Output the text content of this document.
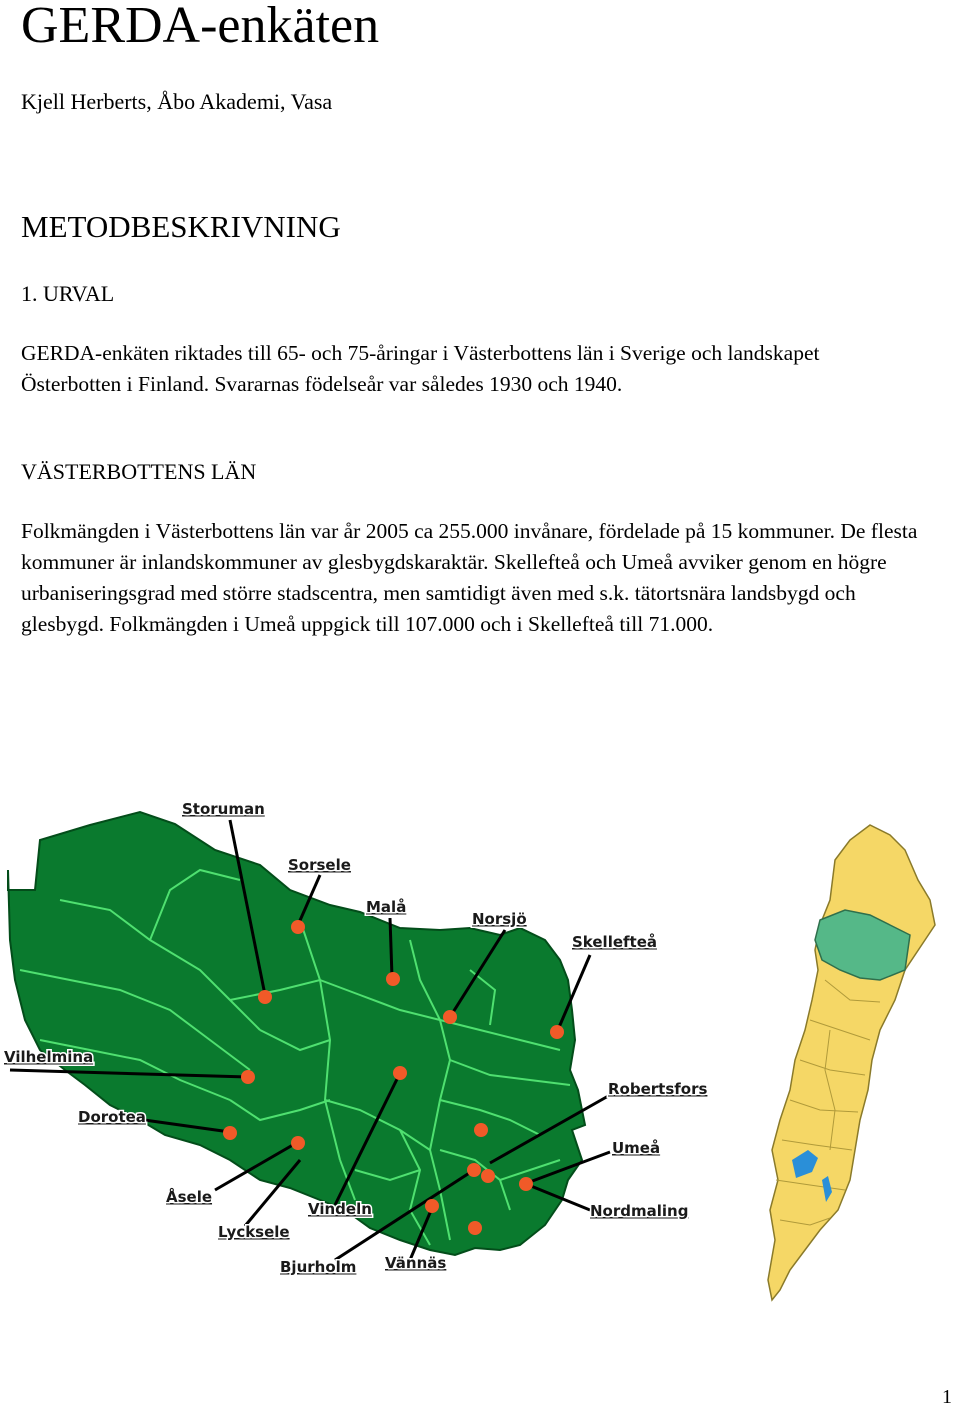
GERDA-enkäten
Kjell Herberts, Åbo Akademi, Vasa
METODBESKRIVNING
1. URVAL
GERDA-enkäten riktades till 65- och 75-åringar i Västerbottens län i Sverige och landskapet Österbotten i Finland. Svararnas födelseår var således 1930 och 1940.
VÄSTERBOTTENS LÄN
Folkmängden i Västerbottens län var år 2005 ca 255.000 invånare, fördelade på 15 kommuner. De flesta kommuner är inlandskommuner av glesbygdskaraktär. Skellefteå och Umeå avviker genom en högre urbaniseringsgrad med större stadscentra, men samtidigt även med s.k. tätortsnära landsbygd och glesbygd. Folkmängden i Umeå uppgick till 107.000 och i Skellefteå till 71.000.
Storuman
Sorsele
Malå
Norsjö
Skellefteå
Vilhelmina
Dorotea
Robertsfors
Umeå
Åsele
Vindeln	Nordmaling
Lycksele
Bjurholm Vännäs
1
